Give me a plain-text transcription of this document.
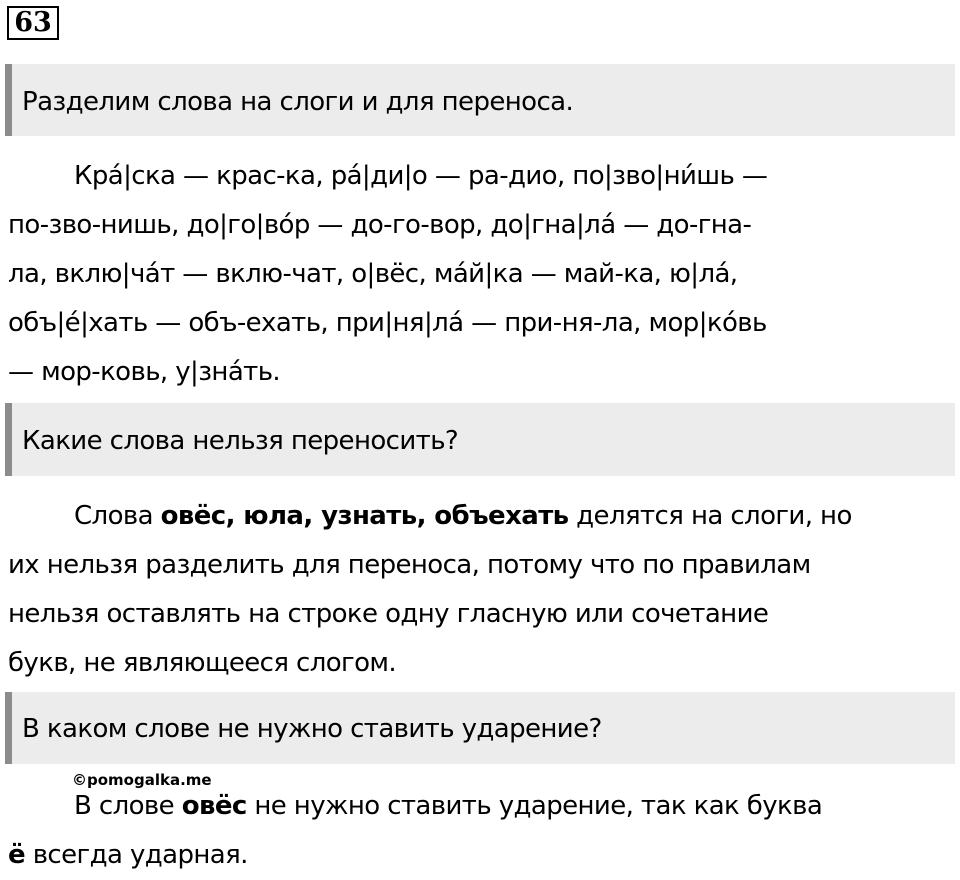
63
Разделим слова на слоги и для переноса.
Кра́|ска — крас-ка, ра́|ди|о — ра-дио, по|зво|ни́шь —
по-зво-нишь, до|го|во́р — до-го-вор, до|гна|ла́ — до-гна-
ла, вклю|ча́т — вклю-чат, о|вёс, ма́й|ка — май-ка, ю|ла́,
объ|е́|хать — объ-ехать, при|ня|ла́ — при-ня-ла, мор|ко́вь
— мор-ковь, у|зна́ть.
Какие слова нельзя переносить?
Слова овёс, юла, узнать, объехать делятся на слоги, но
их нельзя разделить для переноса, потому что по правилам
нельзя оставлять на строке одну гласную или сочетание
букв, не являющееся слогом.
В каком слове не нужно ставить ударение?
©pomogalka.me
В слове овёс не нужно ставить ударение, так как буква
ё всегда ударная.
